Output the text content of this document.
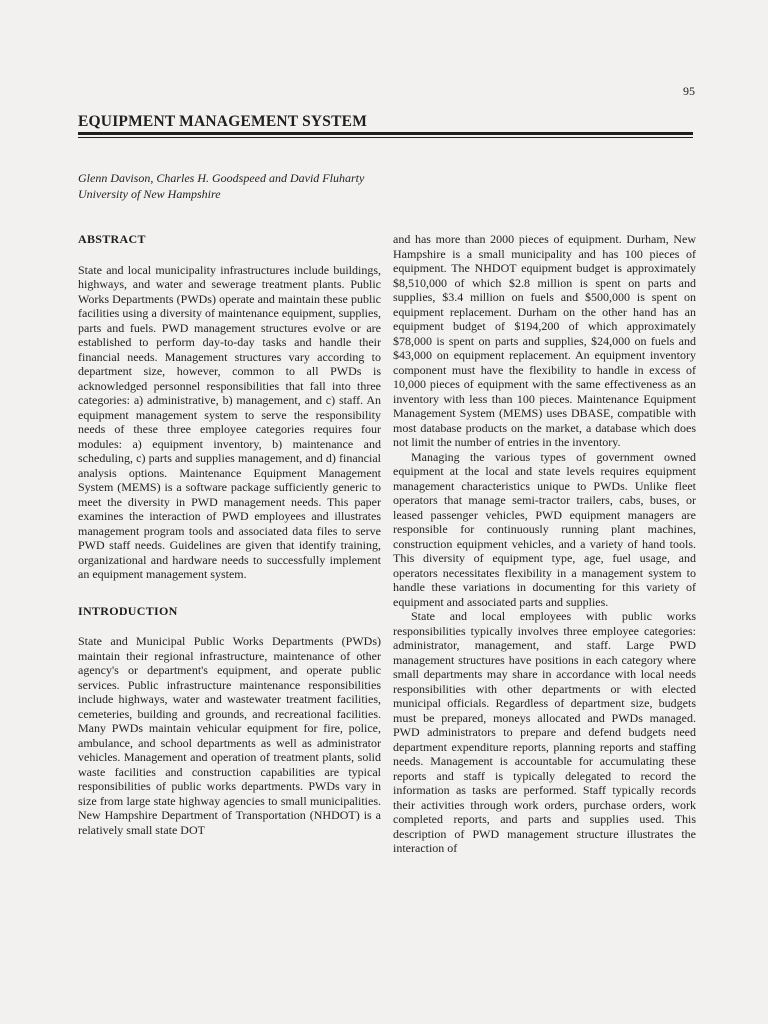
95
EQUIPMENT MANAGEMENT SYSTEM
Glenn Davison, Charles H. Goodspeed and David Fluharty
University of New Hampshire
ABSTRACT

State and local municipality infrastructures include buildings, highways, and water and sewerage treatment plants. Public Works Departments (PWDs) operate and maintain these public facilities using a diversity of maintenance equipment, supplies, parts and fuels. PWD management structures evolve or are established to perform day-to-day tasks and handle their financial needs. Management structures vary according to department size, however, common to all PWDs is acknowledged personnel responsibilities that fall into three categories: a) administrative, b) management, and c) staff. An equipment management system to serve the responsibility needs of these three employee categories requires four modules: a) equipment inventory, b) maintenance and scheduling, c) parts and supplies management, and d) financial analysis options. Maintenance Equipment Management System (MEMS) is a software package sufficiently generic to meet the diversity in PWD management needs. This paper examines the interaction of PWD employees and illustrates management program tools and associated data files to serve PWD staff needs. Guidelines are given that identify training, organizational and hardware needs to successfully implement an equipment management system.

INTRODUCTION

State and Municipal Public Works Departments (PWDs) maintain their regional infrastructure, maintenance of other agency's or department's equipment, and operate public services. Public infrastructure maintenance responsibilities include highways, water and wastewater treatment facilities, cemeteries, building and grounds, and recreational facilities. Many PWDs maintain vehicular equipment for fire, police, ambulance, and school departments as well as administrator vehicles. Management and operation of treatment plants, solid waste facilities and construction capabilities are typical responsibilities of public works departments. PWDs vary in size from large state highway agencies to small municipalities. New Hampshire Department of Transportation (NHDOT) is a relatively small state DOT

and has more than 2000 pieces of equipment. Durham, New Hampshire is a small municipality and has 100 pieces of equipment. The NHDOT equipment budget is approximately $8,510,000 of which $2.8 million is spent on parts and supplies, $3.4 million on fuels and $500,000 is spent on equipment replacement. Durham on the other hand has an equipment budget of $194,200 of which approximately $78,000 is spent on parts and supplies, $24,000 on fuels and $43,000 on equipment replacement. An equipment inventory component must have the flexibility to handle in excess of 10,000 pieces of equipment with the same effectiveness as an inventory with less than 100 pieces. Maintenance Equipment Management System (MEMS) uses DBASE, compatible with most database products on the market, a database which does not limit the number of entries in the inventory.

Managing the various types of government owned equipment at the local and state levels requires equipment management characteristics unique to PWDs. Unlike fleet operators that manage semi-tractor trailers, cabs, buses, or leased passenger vehicles, PWD equipment managers are responsible for continuously running plant machines, construction equipment vehicles, and a variety of hand tools. This diversity of equipment type, age, fuel usage, and operators necessitates flexibility in a management system to handle these variations in documenting for this variety of equipment and associated parts and supplies.

State and local employees with public works responsibilities typically involves three employee categories: administrator, management, and staff. Large PWD management structures have positions in each category where small departments may share in accordance with local needs responsibilities with other departments or with elected municipal officials. Regardless of department size, budgets must be prepared, moneys allocated and PWDs managed. PWD administrators to prepare and defend budgets need department expenditure reports, planning reports and staffing needs. Management is accountable for accumulating these reports and staff is typically delegated to record the information as tasks are performed. Staff typically records their activities through work orders, purchase orders, work completed reports, and parts and supplies used. This description of PWD management structure illustrates the interaction of
